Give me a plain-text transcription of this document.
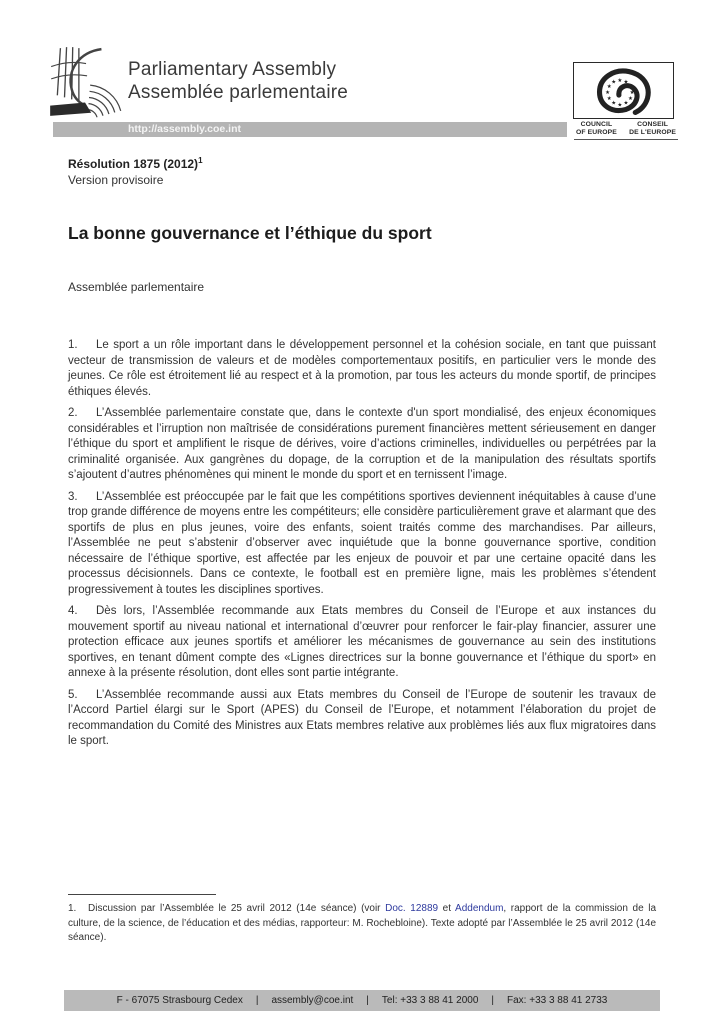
Parliamentary Assembly
Assemblée parlementaire
http://assembly.coe.int
★ ★
★
★
★
★
★
★
★
★
★
★
COUNCIL
OF EUROPE
CONSEIL
DE L'EUROPE

Résolution 1875 $(2012)^1$

Version provisoire

La bonne gouvernance et l’éthique du sport

Assemblée parlementaire

1. Le sport a un rôle important dans le développement personnel et la cohésion sociale, en tant que puissant vecteur de transmission de valeurs et de modèles comportementaux positifs, en particulier vers le monde des jeunes. Ce rôle est étroitement lié au respect et à la promotion, par tous les acteurs du monde sportif, de principes éthiques élevés.

2. L’Assemblée parlementaire constate que, dans le contexte d'un sport mondialisé, des enjeux économiques considérables et l’irruption non maîtrisée de considérations purement financières mettent sérieusement en danger l’éthique du sport et amplifient le risque de dérives, voire d’actions criminelles, individuelles ou perpétrées par la criminalité organisée. Aux gangrènes du dopage, de la corruption et de la manipulation des résultats sportifs s’ajoutent d’autres phénomènes qui minent le monde du sport et en ternissent l’image.

3. L’Assemblée est préoccupée par le fait que les compétitions sportives deviennent inéquitables à cause d’une trop grande différence de moyens entre les compétiteurs; elle considère particulièrement grave et alarmant que des sportifs de plus en plus jeunes, voire des enfants, soient traités comme des marchandises. Par ailleurs, l’Assemblée ne peut s’abstenir d’observer avec inquiétude que la bonne gouvernance sportive, condition nécessaire de l’éthique sportive, est affectée par les enjeux de pouvoir et par une certaine opacité dans les processus décisionnels. Dans ce contexte, le football est en première ligne, mais les problèmes s’étendent progressivement à toutes les disciplines sportives.

4. Dès lors, l’Assemblée recommande aux Etats membres du Conseil de l’Europe et aux instances du mouvement sportif au niveau national et international d’œuvrer pour renforcer le fair-play financier, assurer une protection efficace aux jeunes sportifs et améliorer les mécanismes de gouvernance au sein des institutions sportives, en tenant dûment compte des «Lignes directrices sur la bonne gouvernance et l’éthique du sport» en annexe à la présente résolution, dont elles sont partie intégrante.

5. L’Assemblée recommande aussi aux Etats membres du Conseil de l’Europe de soutenir les travaux de l’Accord Partiel élargi sur le Sport (APES) du Conseil de l’Europe, et notamment l’élaboration du projet de recommandation du Comité des Ministres aux Etats membres relative aux problèmes liés aux flux migratoires dans le sport.

1. Discussion par l’Assemblée le 25 avril 2012 (14e séance) (voir Doc. 12889 et Addendum, rapport de la commission de la culture, de la science, de l’éducation et des médias, rapporteur: M. Rochebloine). Texte adopté par l’Assemblée le 25 avril 2012 (14e séance).

F - 67075 Strasbourg Cedex | assembly@coe.int | Tel: +33 3 88 41 2000 | Fax: +33 3 88 41 2733
